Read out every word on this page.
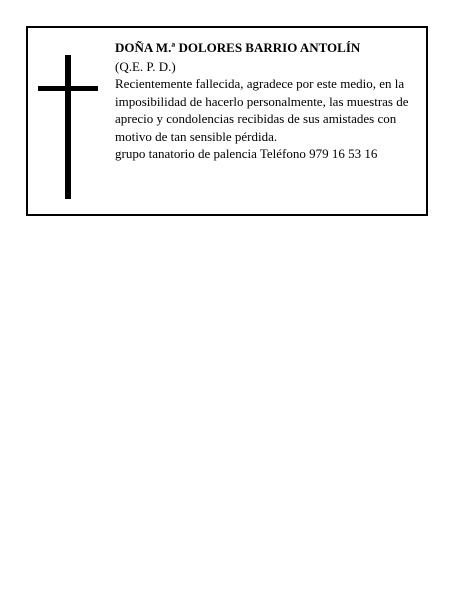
DOÑA M.ª DOLORES BARRIO ANTOLÍN

(Q.E. P. D.)

Recientemente fallecida, agradece por este medio, en la imposibilidad de hacerlo personalmente, las muestras de aprecio y condolencias recibidas de sus amistades con motivo de tan sensible pérdida.

grupo tanatorio de palencia Teléfono 979 16 53 16
